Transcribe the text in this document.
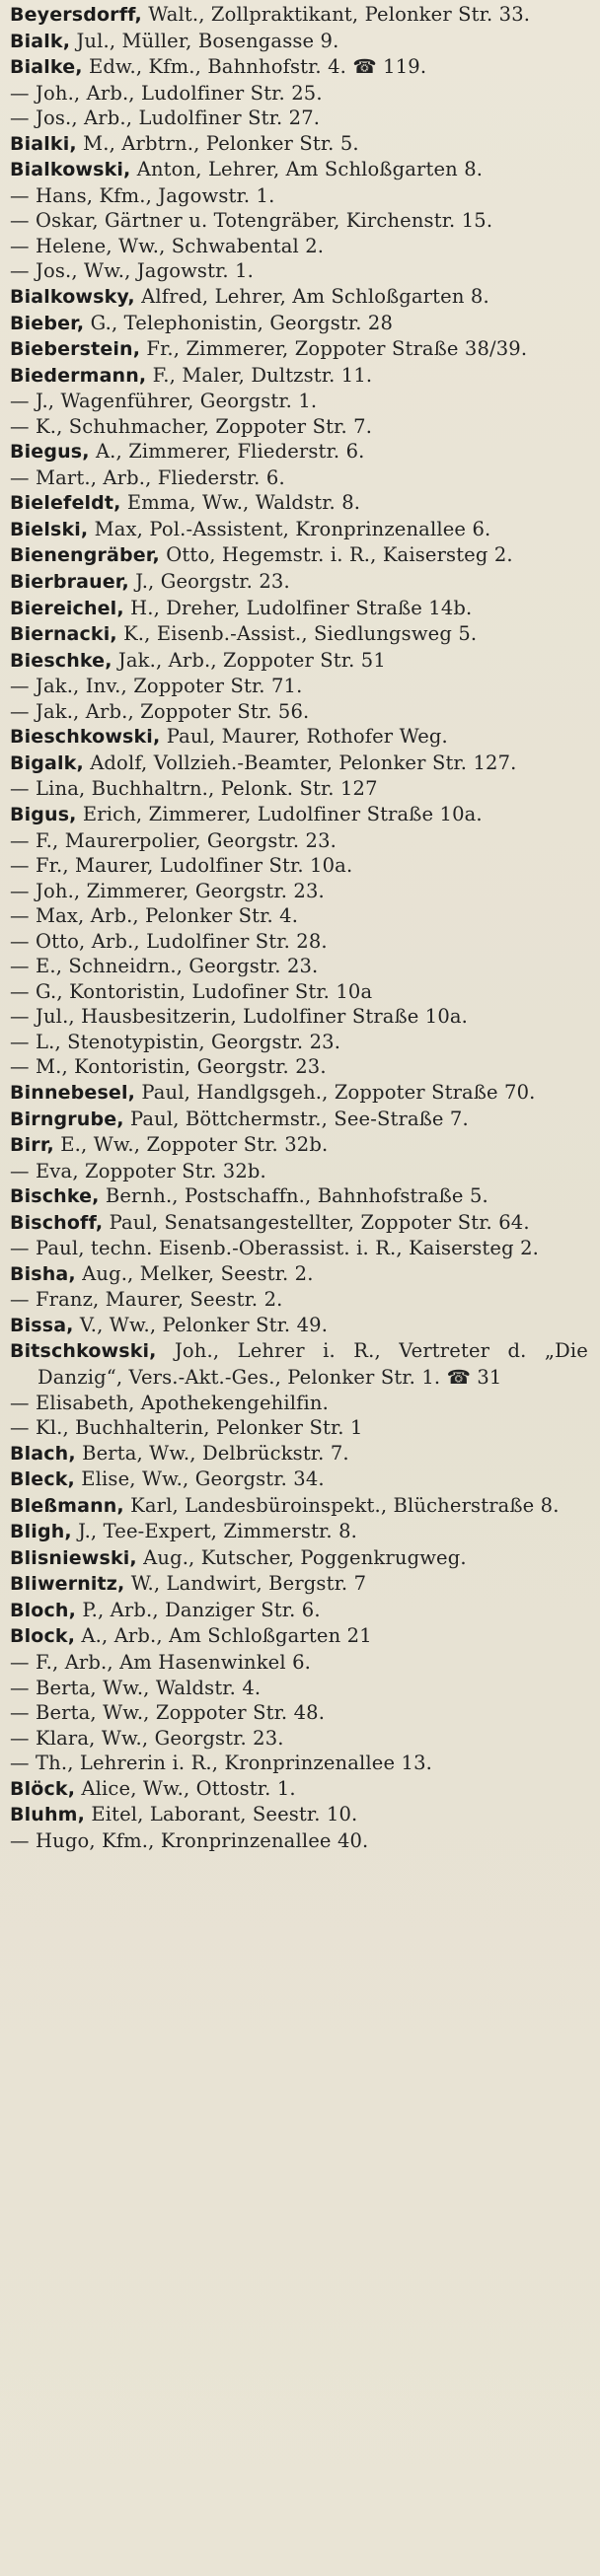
Beyersdorff, Walt., Zollpraktikant, Pelonker Str. 33.
Bialk, Jul., Müller, Bosengasse 9.
Bialke, Edw., Kfm., Bahnhofstr. 4. ☎ 119.
— Joh., Arb., Ludolfiner Str. 25.
— Jos., Arb., Ludolfiner Str. 27.
Bialki, M., Arbtrn., Pelonker Str. 5.
Bialkowski, Anton, Lehrer, Am Schloßgarten 8.
— Hans, Kfm., Jagowstr. 1.
— Oskar, Gärtner u. Totengräber, Kirchenstr. 15.
— Helene, Ww., Schwabental 2.
— Jos., Ww., Jagowstr. 1.
Bialkowsky, Alfred, Lehrer, Am Schloßgarten 8.
Bieber, G., Telephonistin, Georgstr. 28
Bieberstein, Fr., Zimmerer, Zoppoter Straße 38/39.
Biedermann, F., Maler, Dultzstr. 11.
— J., Wagenführer, Georgstr. 1.
— K., Schuhmacher, Zoppoter Str. 7.
Biegus, A., Zimmerer, Fliederstr. 6.
— Mart., Arb., Fliederstr. 6.
Bielefeldt, Emma, Ww., Waldstr. 8.
Bielski, Max, Pol.-Assistent, Kronprinzenallee 6.
Bienengräber, Otto, Hegemstr. i. R., Kaisersteg 2.
Bierbrauer, J., Georgstr. 23.
Biereichel, H., Dreher, Ludolfiner Straße 14b.
Biernacki, K., Eisenb.-Assist., Siedlungsweg 5.
Bieschke, Jak., Arb., Zoppoter Str. 51
— Jak., Inv., Zoppoter Str. 71.
— Jak., Arb., Zoppoter Str. 56.
Bieschkowski, Paul, Maurer, Rothofer Weg.
Bigalk, Adolf, Vollzieh.-Beamter, Pelonker Str. 127.
— Lina, Buchhaltrn., Pelonk. Str. 127
Bigus, Erich, Zimmerer, Ludolfiner Straße 10a.
— F., Maurerpolier, Georgstr. 23.
— Fr., Maurer, Ludolfiner Str. 10a.
— Joh., Zimmerer, Georgstr. 23.
— Max, Arb., Pelonker Str. 4.
— Otto, Arb., Ludolfiner Str. 28.
— E., Schneidrn., Georgstr. 23.
— G., Kontoristin, Ludofiner Str. 10a
— Jul., Hausbesitzerin, Ludolfiner Straße 10a.
— L., Stenotypistin, Georgstr. 23.
— M., Kontoristin, Georgstr. 23.
Binnebesel, Paul, Handlgsgeh., Zoppoter Straße 70.
Birngrube, Paul, Böttchermstr., See-Straße 7.
Birr, E., Ww., Zoppoter Str. 32b.
— Eva, Zoppoter Str. 32b.
Bischke, Bernh., Postschaffn., Bahnhofstraße 5.
Bischoff, Paul, Senatsangestellter, Zoppoter Str. 64.
— Paul, techn. Eisenb.-Oberassist. i. R., Kaisersteg 2.
Bisha, Aug., Melker, Seestr. 2.
— Franz, Maurer, Seestr. 2.
Bissa, V., Ww., Pelonker Str. 49.
Bitschkowski, Joh., Lehrer i. R., Vertreter d. „Die Danzig“, Vers.-Akt.-Ges., Pelonker Str. 1. ☎ 31
— Elisabeth, Apothekengehilfin.
— Kl., Buchhalterin, Pelonker Str. 1
Blach, Berta, Ww., Delbrückstr. 7.
Bleck, Elise, Ww., Georgstr. 34.
Bleßmann, Karl, Landesbüroinspekt., Blücherstraße 8.
Bligh, J., Tee-Expert, Zimmerstr. 8.
Blisniewski, Aug., Kutscher, Poggenkrugweg.
Bliwernitz, W., Landwirt, Bergstr. 7
Bloch, P., Arb., Danziger Str. 6.
Block, A., Arb., Am Schloßgarten 21
— F., Arb., Am Hasenwinkel 6.
— Berta, Ww., Waldstr. 4.
— Berta, Ww., Zoppoter Str. 48.
— Klara, Ww., Georgstr. 23.
— Th., Lehrerin i. R., Kronprinzenallee 13.
Blöck, Alice, Ww., Ottostr. 1.
Bluhm, Eitel, Laborant, Seestr. 10.
— Hugo, Kfm., Kronprinzenallee 40.
